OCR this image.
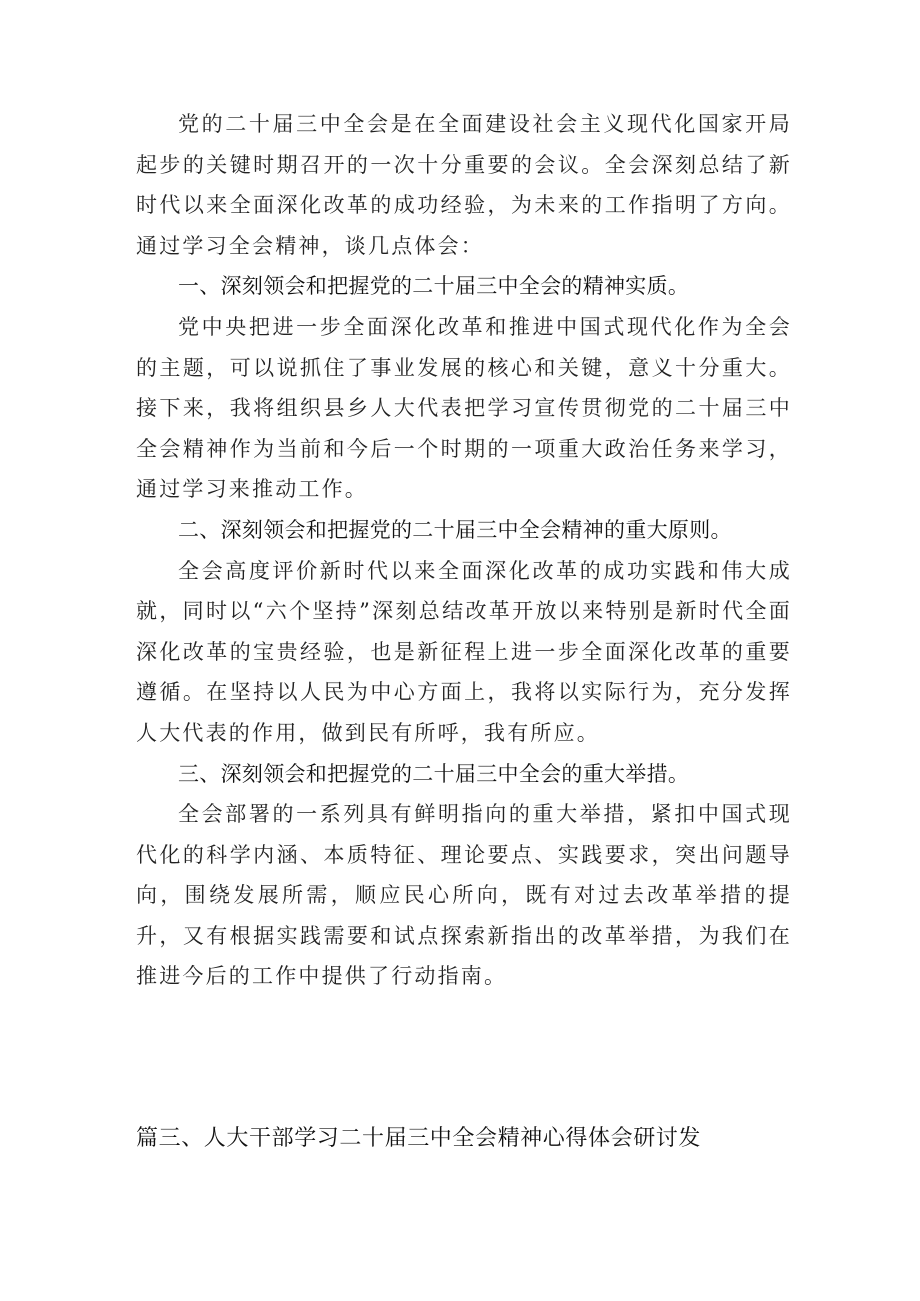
党的二十届三中全会是在全面建设社会主义现代化国家开局起步的关键时期召开的一次十分重要的会议。全会深刻总结了新时代以来全面深化改革的成功经验，为未来的工作指明了方向。通过学习全会精神，谈几点体会：

一、深刻领会和把握党的二十届三中全会的精神实质。

党中央把进一步全面深化改革和推进中国式现代化作为全会的主题，可以说抓住了事业发展的核心和关键，意义十分重大。接下来，我将组织县乡人大代表把学习宣传贯彻党的二十届三中全会精神作为当前和今后一个时期的一项重大政治任务来学习，通过学习来推动工作。

二、深刻领会和把握党的二十届三中全会精神的重大原则。

全会高度评价新时代以来全面深化改革的成功实践和伟大成就，同时以“六个坚持”深刻总结改革开放以来特别是新时代全面深化改革的宝贵经验，也是新征程上进一步全面深化改革的重要遵循。在坚持以人民为中心方面上，我将以实际行为，充分发挥人大代表的作用，做到民有所呼，我有所应。

三、深刻领会和把握党的二十届三中全会的重大举措。

全会部署的一系列具有鲜明指向的重大举措，紧扣中国式现代化的科学内涵、本质特征、理论要点、实践要求，突出问题导向，围绕发展所需，顺应民心所向，既有对过去改革举措的提升，又有根据实践需要和试点探索新指出的改革举措，为我们在推进今后的工作中提供了行动指南。

篇三、人大干部学习二十届三中全会精神心得体会研讨发
